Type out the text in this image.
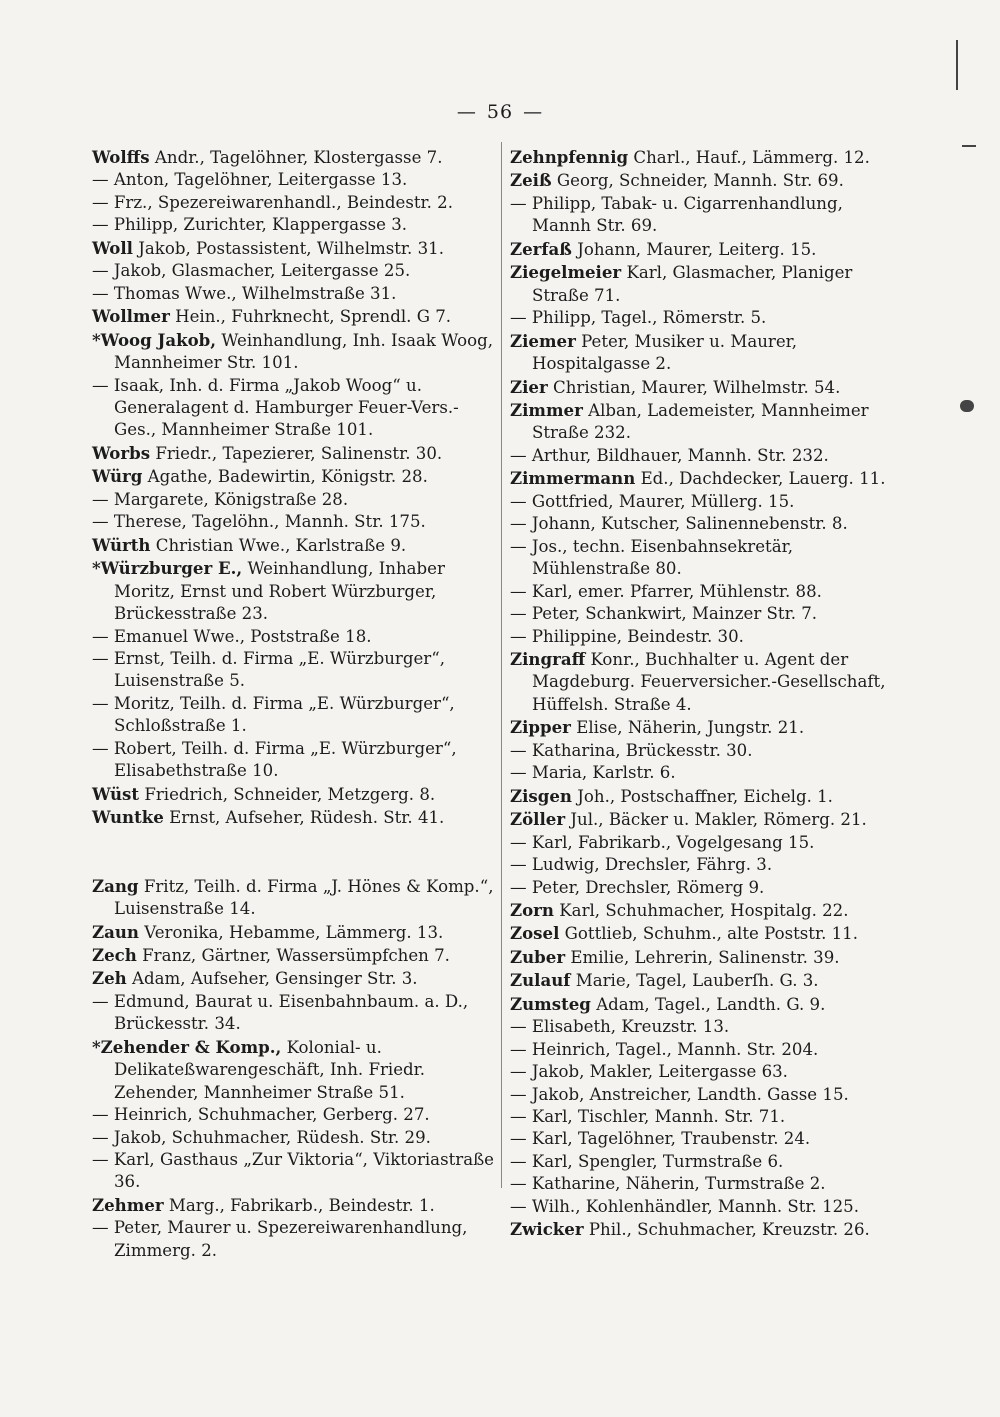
— 56 —
Wolffs Andr., Tagelöhner, Klostergasse 7.
— Anton, Tagelöhner, Leitergasse 13.
— Frz., Spezereiwarenhandl., Beindestr. 2.
— Philipp, Zurichter, Klappergasse 3.
Woll Jakob, Postassistent, Wilhelmstr. 31.
— Jakob, Glasmacher, Leitergasse 25.
— Thomas Wwe., Wilhelmstraße 31.
Wollmer Hein., Fuhrknecht, Sprendl. G 7.
*Woog Jakob, Weinhandlung, Inh. Isaak Woog, Mannheimer Str. 101.
— Isaak, Inh. d. Firma „Jakob Woog“ u. Generalagent d. Hamburger Feuer-Vers.-Ges., Mannheimer Straße 101.
Worbs Friedr., Tapezierer, Salinenstr. 30.
Würg Agathe, Badewirtin, Königstr. 28.
— Margarete, Königstraße 28.
— Therese, Tagelöhn., Mannh. Str. 175.
Würth Christian Wwe., Karlstraße 9.
*Würzburger E., Weinhandlung, Inhaber Moritz, Ernst und Robert Würzburger, Brückesstraße 23.
— Emanuel Wwe., Poststraße 18.
— Ernst, Teilh. d. Firma „E. Würzburger“, Luisenstraße 5.
— Moritz, Teilh. d. Firma „E. Würzburger“, Schloßstraße 1.
— Robert, Teilh. d. Firma „E. Würzburger“, Elisabethstraße 10.
Wüst Friedrich, Schneider, Metzgerg. 8.
Wuntke Ernst, Aufseher, Rüdesh. Str. 41.
Zang Fritz, Teilh. d. Firma „J. Hönes & Komp.“, Luisenstraße 14.
Zaun Veronika, Hebamme, Lämmerg. 13.
Zech Franz, Gärtner, Wassersümpfchen 7.
Zeh Adam, Aufseher, Gensinger Str. 3.
— Edmund, Baurat u. Eisenbahnbaum. a. D., Brückesstr. 34.
*Zehender & Komp., Kolonial- u. Delikateßwarengeschäft, Inh. Friedr. Zehender, Mannheimer Straße 51.
— Heinrich, Schuhmacher, Gerberg. 27.
— Jakob, Schuhmacher, Rüdesh. Str. 29.
— Karl, Gasthaus „Zur Viktoria“, Viktoriastraße 36.
Zehmer Marg., Fabrikarb., Beindestr. 1.
— Peter, Maurer u. Spezereiwarenhandlung, Zimmerg. 2.
Zehnpfennig Charl., Hauf., Lämmerg. 12.
Zeiß Georg, Schneider, Mannh. Str. 69.
— Philipp, Tabak- u. Cigarrenhandlung, Mannh Str. 69.
Zerfaß Johann, Maurer, Leiterg. 15.
Ziegelmeier Karl, Glasmacher, Planiger Straße 71.
— Philipp, Tagel., Römerstr. 5.
Ziemer Peter, Musiker u. Maurer, Hospitalgasse 2.
Zier Christian, Maurer, Wilhelmstr. 54.
Zimmer Alban, Lademeister, Mannheimer Straße 232.
— Arthur, Bildhauer, Mannh. Str. 232.
Zimmermann Ed., Dachdecker, Lauerg. 11.
— Gottfried, Maurer, Müllerg. 15.
— Johann, Kutscher, Salinennebenstr. 8.
— Jos., techn. Eisenbahnsekretär, Mühlenstraße 80.
— Karl, emer. Pfarrer, Mühlenstr. 88.
— Peter, Schankwirt, Mainzer Str. 7.
— Philippine, Beindestr. 30.
Zingraff Konr., Buchhalter u. Agent der Magdeburg. Feuerversicher.-Gesellschaft, Hüffelsh. Straße 4.
Zipper Elise, Näherin, Jungstr. 21.
— Katharina, Brückesstr. 30.
— Maria, Karlstr. 6.
Zisgen Joh., Postschaffner, Eichelg. 1.
Zöller Jul., Bäcker u. Makler, Römerg. 21.
— Karl, Fabrikarb., Vogelgesang 15.
— Ludwig, Drechsler, Fährg. 3.
— Peter, Drechsler, Römerg 9.
Zorn Karl, Schuhmacher, Hospitalg. 22.
Zosel Gottlieb, Schuhm., alte Poststr. 11.
Zuber Emilie, Lehrerin, Salinenstr. 39.
Zulauf Marie, Tagel, Lauberſh. G. 3.
Zumsteg Adam, Tagel., Landth. G. 9.
— Elisabeth, Kreuzstr. 13.
— Heinrich, Tagel., Mannh. Str. 204.
— Jakob, Makler, Leitergasse 63.
— Jakob, Anstreicher, Landth. Gasse 15.
— Karl, Tischler, Mannh. Str. 71.
— Karl, Tagelöhner, Traubenstr. 24.
— Karl, Spengler, Turmstraße 6.
— Katharine, Näherin, Turmstraße 2.
— Wilh., Kohlenhändler, Mannh. Str. 125.
Zwicker Phil., Schuhmacher, Kreuzstr. 26.
